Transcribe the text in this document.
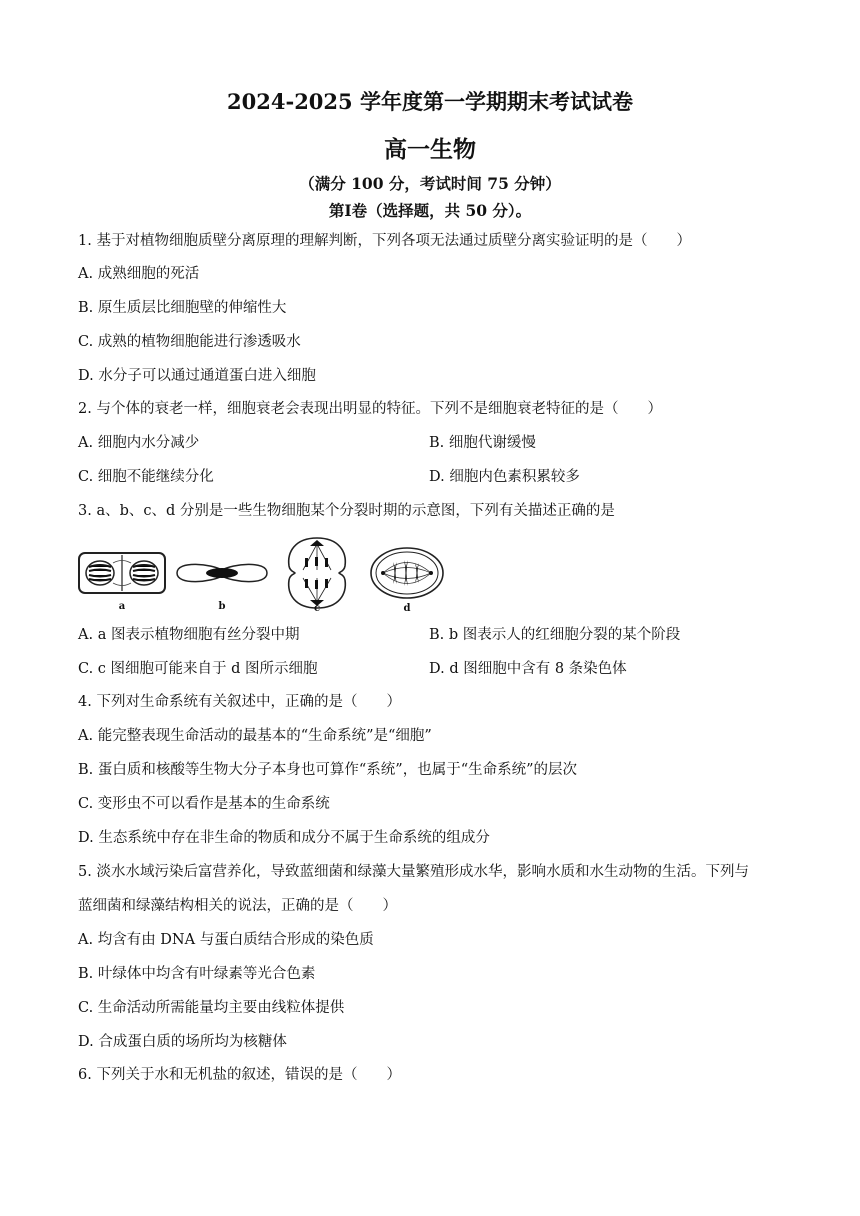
2024-2025 学年度第一学期期末考试试卷
高一生物
（满分 100 分，考试时间 75 分钟）
第Ⅰ卷（选择题，共 50 分）。
1. 基于对植物细胞质壁分离原理的理解判断，下列各项无法通过质壁分离实验证明的是（　　）
A. 成熟细胞的死活
B. 原生质层比细胞壁的伸缩性大
C. 成熟的植物细胞能进行渗透吸水
D. 水分子可以通过通道蛋白进入细胞
2. 与个体的衰老一样，细胞衰老会表现出明显的特征。下列不是细胞衰老特征的是（　　）
A. 细胞内水分减少	B. 细胞代谢缓慢
C. 细胞不能继续分化	D. 细胞内色素积累较多
3. a、b、c、d 分别是一些生物细胞某个分裂时期的示意图，下列有关描述正确的是
a	b	c	d
A. a 图表示植物细胞有丝分裂中期	B. b 图表示人的红细胞分裂的某个阶段
C. c 图细胞可能来自于 d 图所示细胞	D. d 图细胞中含有 8 条染色体
4. 下列对生命系统有关叙述中，正确的是（　　）
A. 能完整表现生命活动的最基本的“生命系统”是“细胞”
B. 蛋白质和核酸等生物大分子本身也可算作“系统”，也属于“生命系统”的层次
C. 变形虫不可以看作是基本的生命系统
D. 生态系统中存在非生命的物质和成分不属于生命系统的组成分
5. 淡水水域污染后富营养化，导致蓝细菌和绿藻大量繁殖形成水华，影响水质和水生动物的生活。下列与
蓝细菌和绿藻结构相关的说法，正确的是（　　）
A. 均含有由 DNA 与蛋白质结合形成的染色质
B. 叶绿体中均含有叶绿素等光合色素
C. 生命活动所需能量均主要由线粒体提供
D. 合成蛋白质的场所均为核糖体
6. 下列关于水和无机盐的叙述，错误的是（　　）
